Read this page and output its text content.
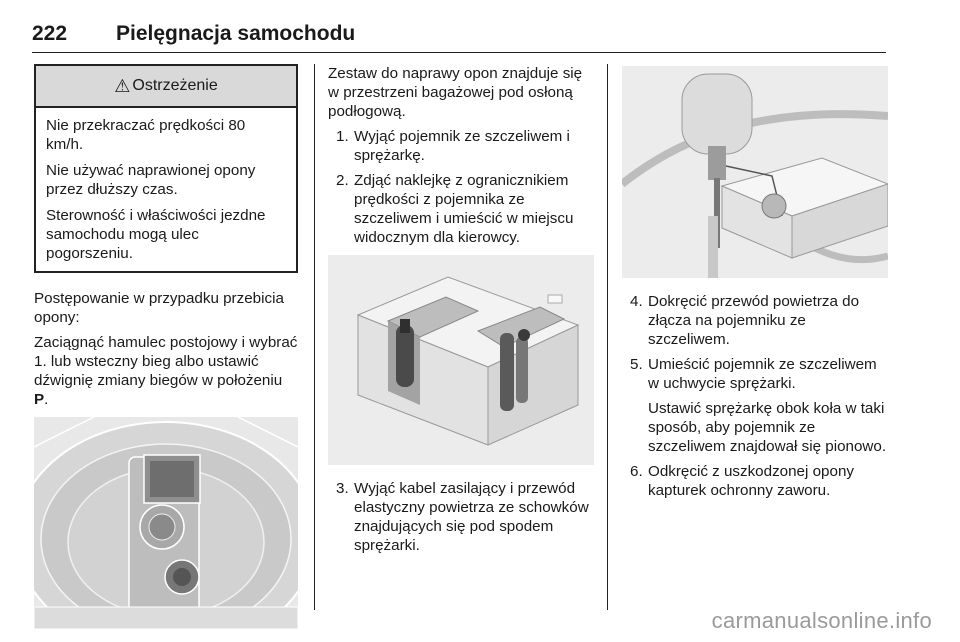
222 Pielęgnacja samochodu
⚠ Ostrzeżenie

Nie przekraczać prędkości 80 km/h.

Nie używać naprawionej opony przez dłuższy czas.

Sterowność i właściwości jezdne samochodu mogą ulec pogorszeniu.

Postępowanie w przypadku przebicia opony:

Zaciągnąć hamulec postojowy i wybrać 1. lub wsteczny bieg albo ustawić dźwignię zmiany biegów w położeniu P.

Zestaw do naprawy opon znajduje się w przestrzeni bagażowej pod osłoną podłogową.

1. Wyjąć pojemnik ze szczeliwem i sprężarkę.
2. Zdjąć naklejkę z ogranicznikiem prędkości z pojemnika ze szczeliwem i umieścić w miejscu widocznym dla kierowcy.
3. Wyjąć kabel zasilający i przewód elastyczny powietrza ze schowków znajdujących się pod spodem sprężarki.
4. Dokręcić przewód powietrza do złącza na pojemniku ze szczeliwem.
5. Umieścić pojemnik ze szczeliwem w uchwycie sprężarki.
Ustawić sprężarkę obok koła w taki sposób, aby pojemnik ze szczeliwem znajdował się pionowo.
6. Odkręcić z uszkodzonej opony kapturek ochronny zaworu.
carmanualsonline.info
